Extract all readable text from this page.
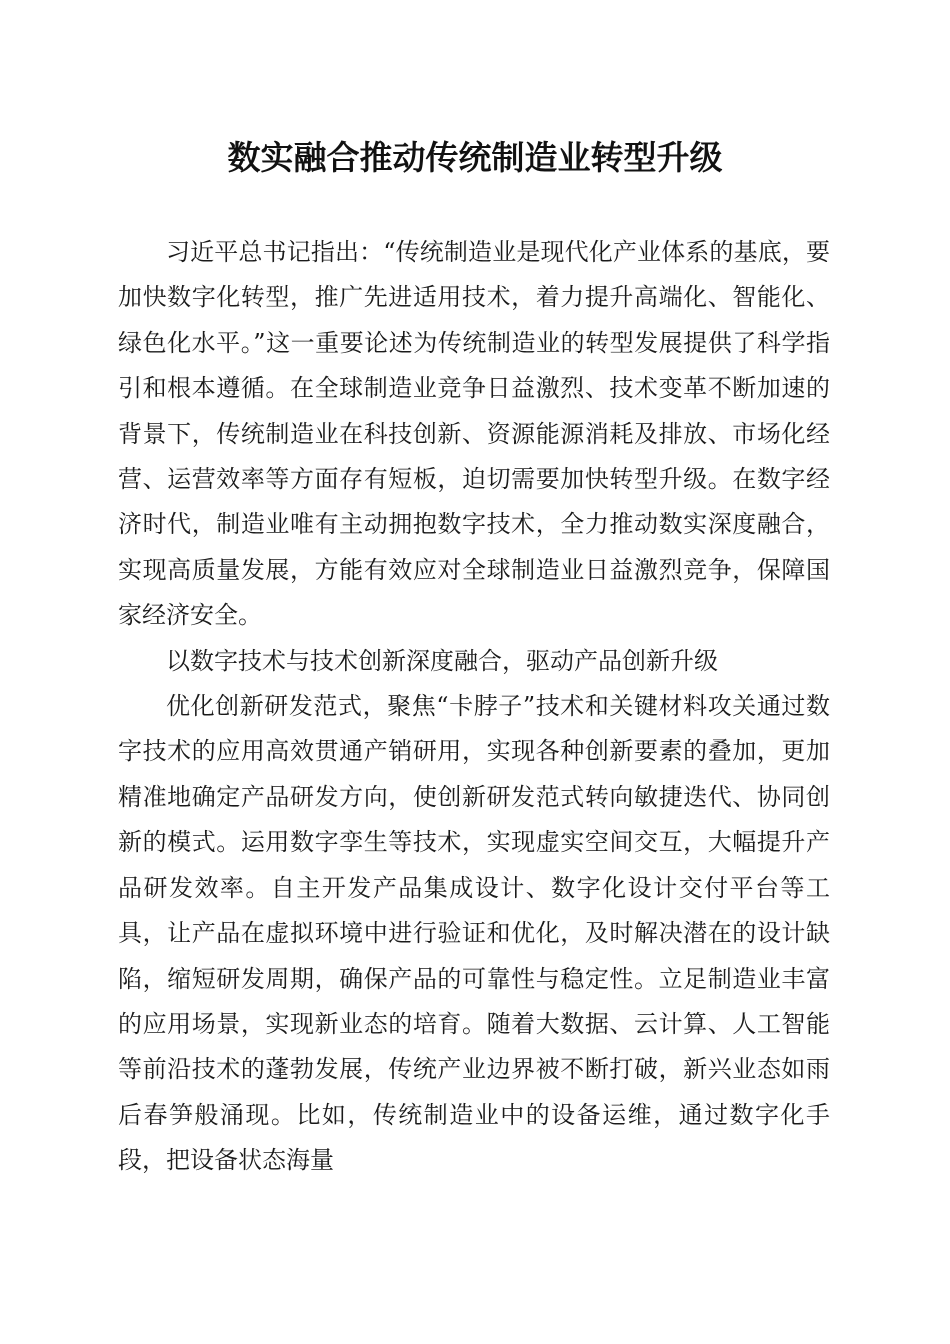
数实融合推动传统制造业转型升级

习近平总书记指出：“传统制造业是现代化产业体系的基底，要加快数字化转型，推广先进适用技术，着力提升高端化、智能化、绿色化水平。”这一重要论述为传统制造业的转型发展提供了科学指引和根本遵循。在全球制造业竞争日益激烈、技术变革不断加速的背景下，传统制造业在科技创新、资源能源消耗及排放、市场化经营、运营效率等方面存有短板，迫切需要加快转型升级。在数字经济时代，制造业唯有主动拥抱数字技术，全力推动数实深度融合，实现高质量发展，方能有效应对全球制造业日益激烈竞争，保障国家经济安全。

以数字技术与技术创新深度融合，驱动产品创新升级

优化创新研发范式，聚焦“卡脖子”技术和关键材料攻关通过数字技术的应用高效贯通产销研用，实现各种创新要素的叠加，更加精准地确定产品研发方向，使创新研发范式转向敏捷迭代、协同创新的模式。运用数字孪生等技术，实现虚实空间交互，大幅提升产品研发效率。自主开发产品集成设计、数字化设计交付平台等工具，让产品在虚拟环境中进行验证和优化，及时解决潜在的设计缺陷，缩短研发周期，确保产品的可靠性与稳定性。立足制造业丰富的应用场景，实现新业态的培育。随着大数据、云计算、人工智能等前沿技术的蓬勃发展，传统产业边界被不断打破，新兴业态如雨后春笋般涌现。比如，传统制造业中的设备运维，通过数字化手段，把设备状态海量
